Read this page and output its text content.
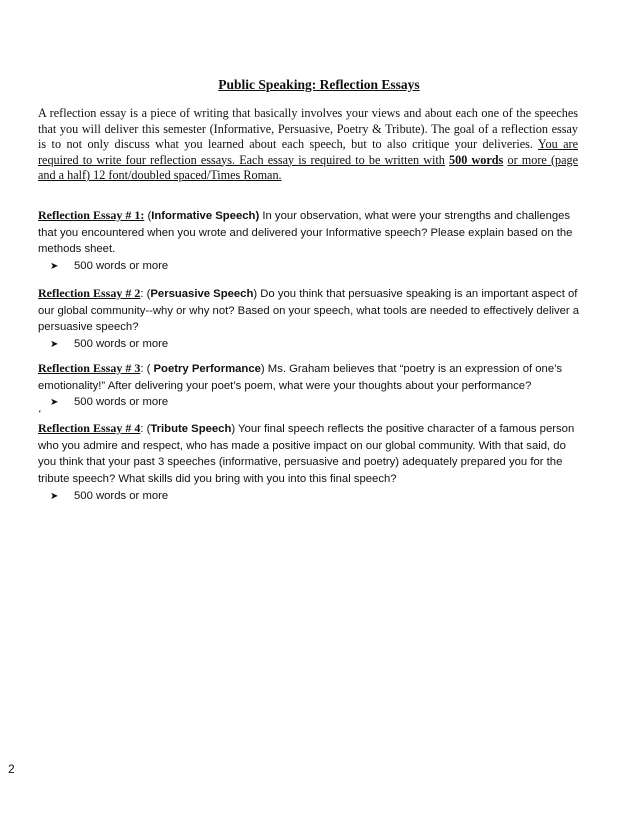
Public Speaking: Reflection Essays
A reflection essay is a piece of writing that basically involves your views and about each one of the speeches that you will deliver this semester (Informative, Persuasive, Poetry & Tribute). The goal of a reflection essay is to not only discuss what you learned about each speech, but to also critique your deliveries. You are required to write four reflection essays. Each essay is required to be written with 500 words or more (page and a half) 12 font/doubled spaced/Times Roman.
Reflection Essay # 1: (Informative Speech) In your observation, what were your strengths and challenges that you encountered when you wrote and delivered your Informative speech? Please explain based on the methods sheet.
➤ 500 words or more
Reflection Essay # 2: (Persuasive Speech) Do you think that persuasive speaking is an important aspect of our global community--why or why not? Based on your speech, what tools are needed to effectively deliver a persuasive speech?
➤ 500 words or more
Reflection Essay # 3: ( Poetry Performance) Ms. Graham believes that “poetry is an expression of one’s emotionality!” After delivering your poet’s poem, what were your thoughts about your performance?
➤ 500 words or more
‘
Reflection Essay # 4: (Tribute Speech) Your final speech reflects the positive character of a famous person who you admire and respect, who has made a positive impact on our global community. With that said, do you think that your past 3 speeches (informative, persuasive and poetry) adequately prepared you for the tribute speech? What skills did you bring with you into this final speech?
➤ 500 words or more
2
